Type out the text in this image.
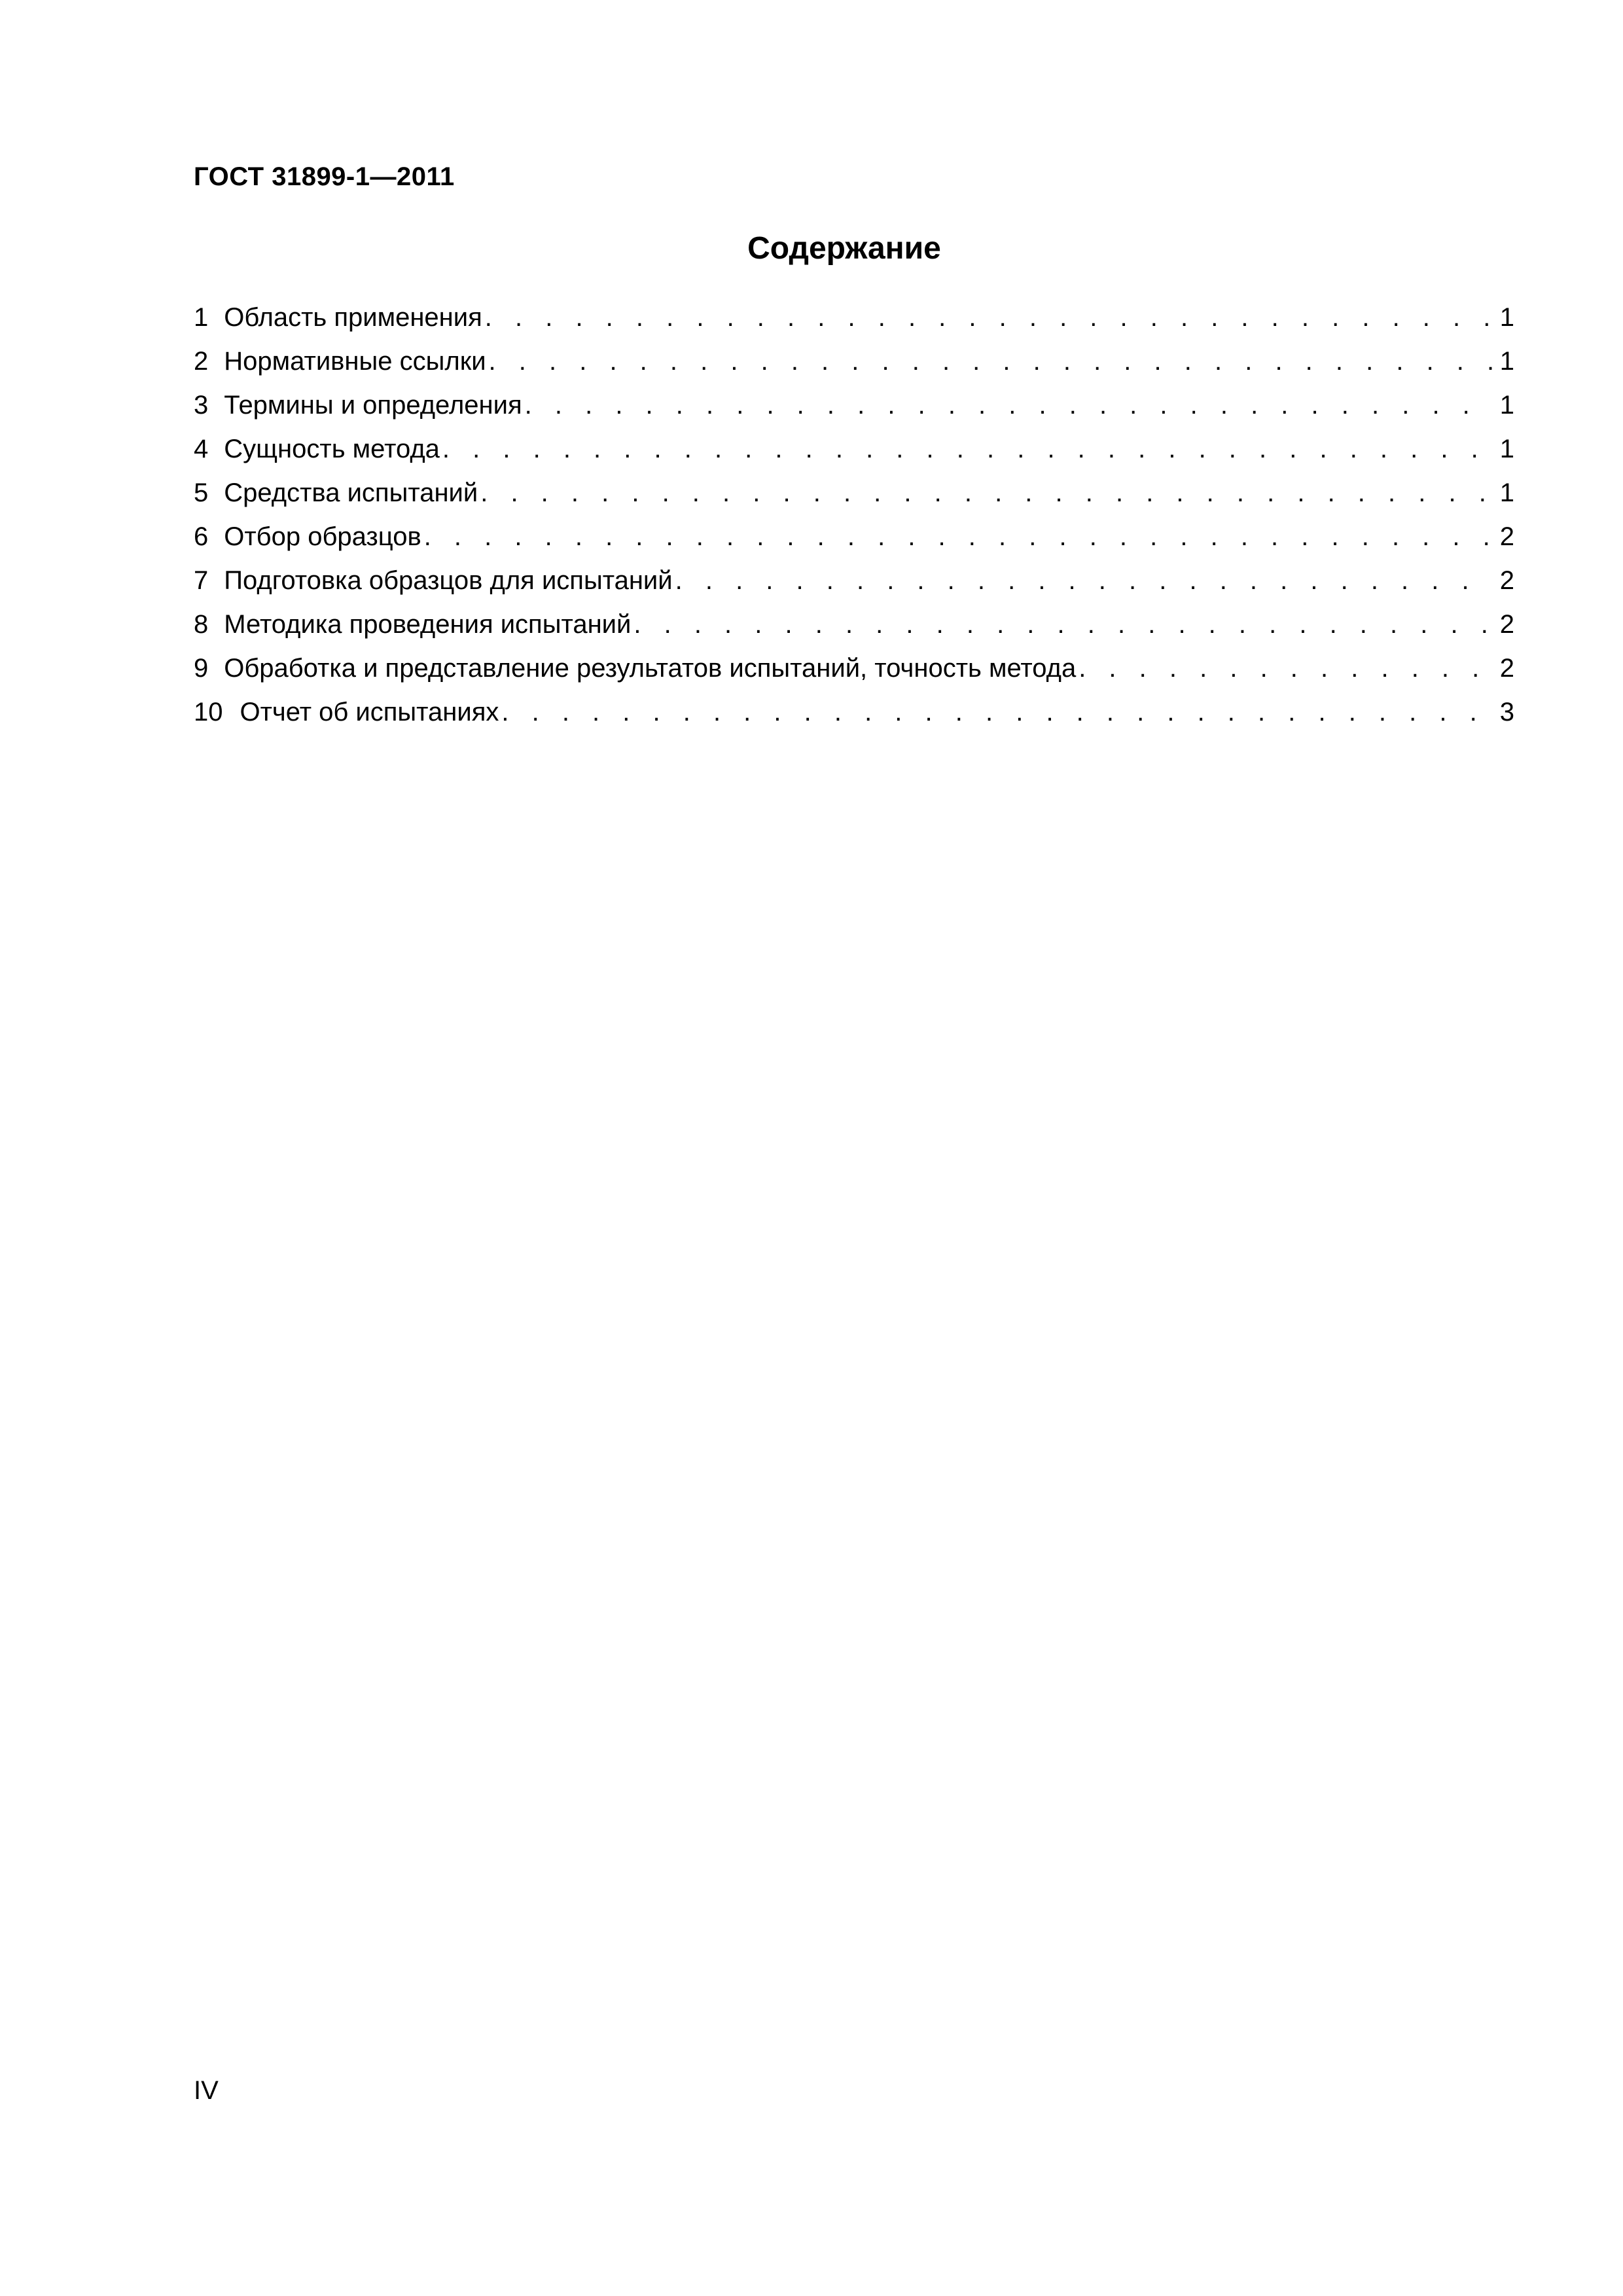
ГОСТ 31899-1—2011
Содержание
1 Область применения . . .	1
2 Нормативные ссылки . . .	1
3 Термины и определения . . .	1
4 Сущность метода . . .	1
5 Средства испытаний . . .	1
6 Отбор образцов . . .	2
7 Подготовка образцов для испытаний . . .	2
8 Методика проведения испытаний . . .	2
9 Обработка и представление результатов испытаний, точность метода . . .	2
10 Отчет об испытаниях . . .	3
IV
